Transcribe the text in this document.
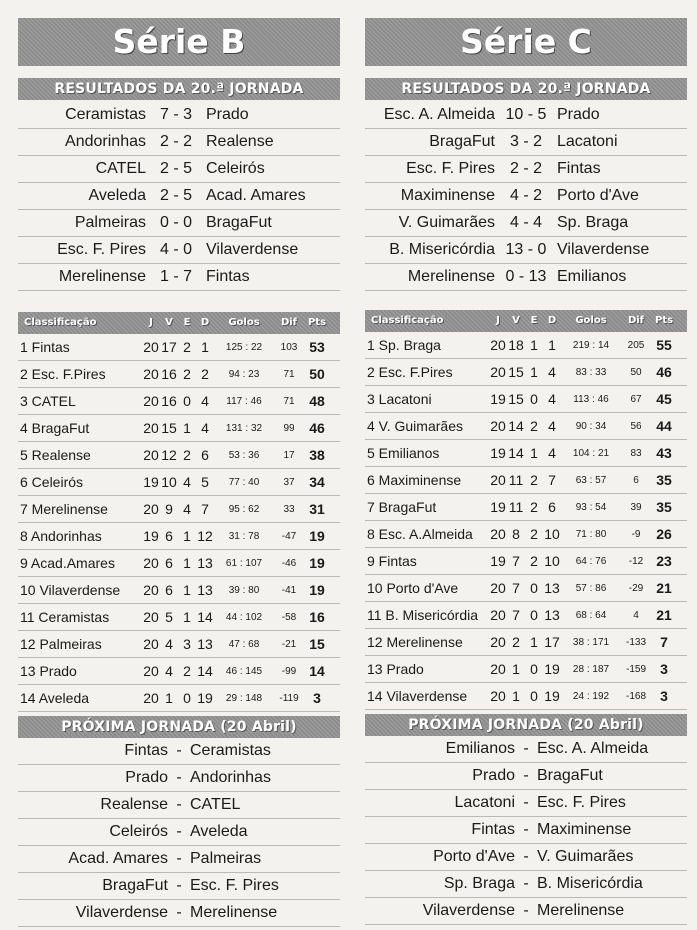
Série B
RESULTADOS DA 20.ª JORNADA
Ceramistas 7 - 3 Prado
Andorinhas 2 - 2 Realense
CATEL 2 - 5 Celeirós
Aveleda 2 - 5 Acad. Amares
Palmeiras 0 - 0 BragaFut
Esc. F. Pires 4 - 0 Vilaverdense
Merelinense 1 - 7 Fintas
Classificação	J	V	E	D	Golos	Dif	Pts
1 Fintas	20 17 2 1	125 : 22	103 53
2 Esc. F.Pires	20 16 2 2	94 : 23	71	50
3 CATEL	20 16 0 4	117 : 46	71	48
4 BragaFut	20 15 1 4	131 : 32	99	46
5 Realense	20 12 2 6	53 : 36	17	38
6 Celeirós	19 10 4 5	77 : 40	37	34
7 Merelinense	20 9 4 7	95 : 62	33	31
8 Andorinhas	19 6 1 12	31 : 78	-47 19
9 Acad.Amares	20 6 1 13	61 : 107	-46 19
10 Vilaverdense	20 6 1 13	39 : 80	-41 19
11 Ceramistas	20 5 1 14	44 : 102	-58 16
12 Palmeiras	20 4 3 13	47 : 68	-21 15
13 Prado	20 4 2 14	46 : 145	-99 14
14 Aveleda	20 1 0 19	29 : 148	-119	3
PRÓXIMA JORNADA (20 Abril)
Fintas - Ceramistas
Prado - Andorinhas
Realense - CATEL
Celeirós - Aveleda
Acad. Amares - Palmeiras
BragaFut - Esc. F. Pires
Vilaverdense - Merelinense
Série C
RESULTADOS DA 20.ª JORNADA
Esc. A. Almeida 10 - 5 Prado
BragaFut 3 - 2 Lacatoni
Esc. F. Pires 2 - 2 Fintas
Maximinense 4 - 2 Porto d'Ave
V. Guimarães 4 - 4 Sp. Braga
B. Misericórdia 13 - 0 Vilaverdense
Merelinense 0 - 13 Emilianos
Classificação	J	V	E	D	Golos	Dif	Pts
1 Sp. Braga	20 18 1 1	219 : 14	205 55
2 Esc. F.Pires	20 15 1 4	83 : 33	50	46
3 Lacatoni	19 15 0 4	113 : 46	67	45
4 V. Guimarães	20 14 2 4	90 : 34	56	44
5 Emilianos	19 14 1 4	104 : 21	83	43
6 Maximinense	20 11 2 7	63 : 57	6	35
7 BragaFut	19 11 2 6	93 : 54	39	35
8 Esc. A.Almeida	20 8 2 10	71 : 80	-9	26
9 Fintas	19 7 2 10	64 : 76	-12 23
10 Porto d'Ave	20 7 0 13	57 : 86	-29 21
11 B. Misericórdia 20 7 0 13	68 : 64	4	21
12 Merelinense	20 2 1 17	38 : 171	-133	7
13 Prado	20 1 0 19	28 : 187	-159	3
14 Vilaverdense	20 1 0 19	24 : 192	-168	3
PRÓXIMA JORNADA (20 Abril)
Emilianos - Esc. A. Almeida
Prado - BragaFut
Lacatoni - Esc. F. Pires
Fintas - Maximinense
Porto d'Ave - V. Guimarães
Sp. Braga - B. Misericórdia
Vilaverdense - Merelinense
